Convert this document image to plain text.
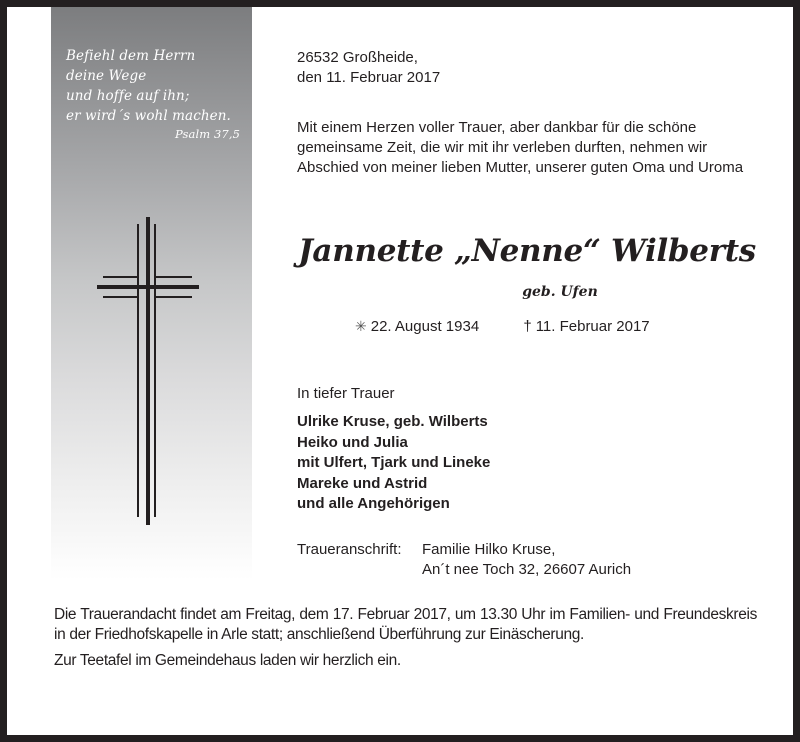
Befiehl dem Herrn
deine Wege
und hoffe auf ihn;
er wird´s wohl machen.
Psalm 37,5
26532 Großheide,
den 11. Februar 2017
Mit einem Herzen voller Trauer, aber dankbar für die schöne gemeinsame Zeit, die wir mit ihr verleben durften, nehmen wir Abschied von meiner lieben Mutter, unserer guten Oma und Uroma
Jannette „Nenne“ Wilberts
geb. Ufen
✳ 22. August 1934	† 11. Februar 2017
In tiefer Trauer
Ulrike Kruse, geb. Wilberts
Heiko und Julia
mit Ulfert, Tjark und Lineke
Mareke und Astrid
und alle Angehörigen
Traueranschrift: Familie Hilko Kruse,
An´t nee Toch 32, 26607 Aurich

Die Trauerandacht findet am Freitag, dem 17. Februar 2017, um 13.30 Uhr im Familien- und Freundeskreis in der Friedhofskapelle in Arle statt; anschließend Überführung zur Einäscherung.

Zur Teetafel im Gemeindehaus laden wir herzlich ein.
